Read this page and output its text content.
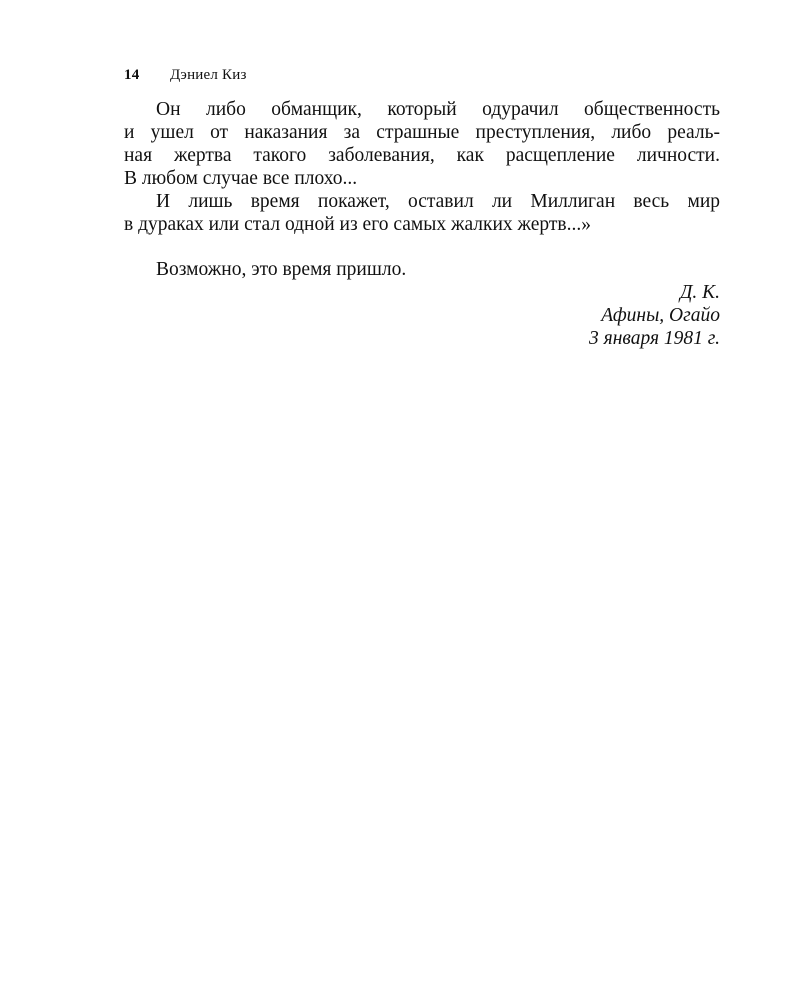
14 Дэниел Киз
Он либо обманщик, который одурачил общественность
и ушел от наказания за страшные преступления, либо реаль-
ная жертва такого заболевания, как расщепление личности.
В любом случае все плохо...
И лишь время покажет, оставил ли Миллиган весь мир
в дураках или стал одной из его самых жалких жертв...»
Возможно, это время пришло.
Д. К.
Афины, Огайо
3 января 1981 г.
